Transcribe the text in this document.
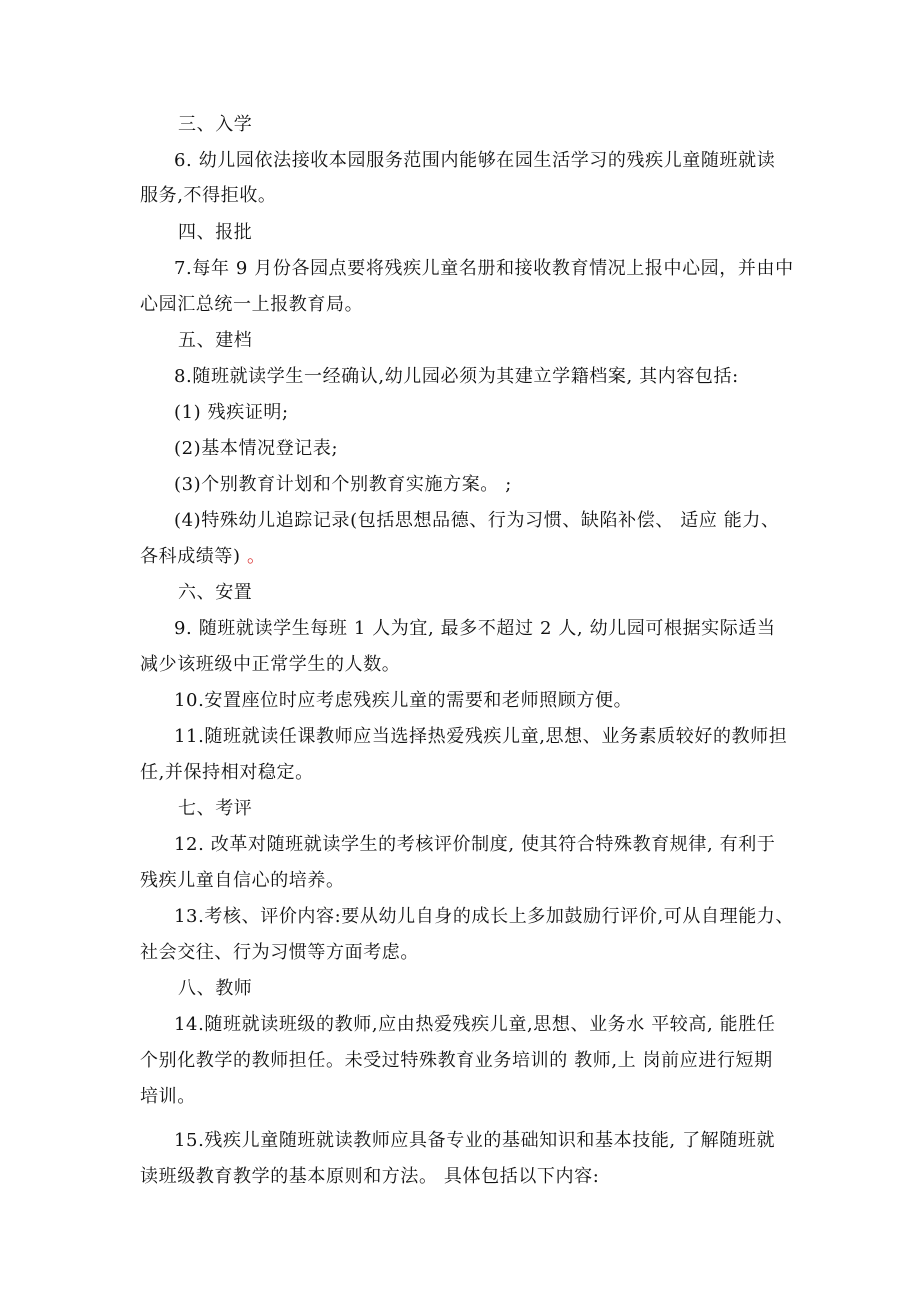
三、入学
6. 幼儿园依法接收本园服务范围内能够在园生活学习的残疾儿童随班就读
服务,不得拒收。
四、报批
7.每年 9 月份各园点要将残疾儿童名册和接收教育情况上报中心园，并由中
心园汇总统一上报教育局。
五、建档
8.随班就读学生一经确认,幼儿园必须为其建立学籍档案, 其内容包括:
(1) 残疾证明;
(2)基本情况登记表;
(3)个别教育计划和个别教育实施方案。 ;
(4)特殊幼儿追踪记录(包括思想品德、行为习惯、缺陷补偿、 适应 能力、
各科成绩等) 。
六、安置
9. 随班就读学生每班 1 人为宜, 最多不超过 2 人, 幼儿园可根据实际适当
减少该班级中正常学生的人数。
10.安置座位时应考虑残疾儿童的需要和老师照顾方便。
11.随班就读任课教师应当选择热爱残疾儿童,思想、业务素质较好的教师担
任,并保持相对稳定。
七、考评
12. 改革对随班就读学生的考核评价制度, 使其符合特殊教育规律, 有利于
残疾儿童自信心的培养。
13.考核、评价内容:要从幼儿自身的成长上多加鼓励行评价,可从自理能力、
社会交往、行为习惯等方面考虑。
八、教师
14.随班就读班级的教师,应由热爱残疾儿童,思想、业务水 平较高, 能胜任
个别化教学的教师担任。未受过特殊教育业务培训的 教师,上 岗前应进行短期
培训。
15.残疾儿童随班就读教师应具备专业的基础知识和基本技能, 了解随班就
读班级教育教学的基本原则和方法。 具体包括以下内容:
